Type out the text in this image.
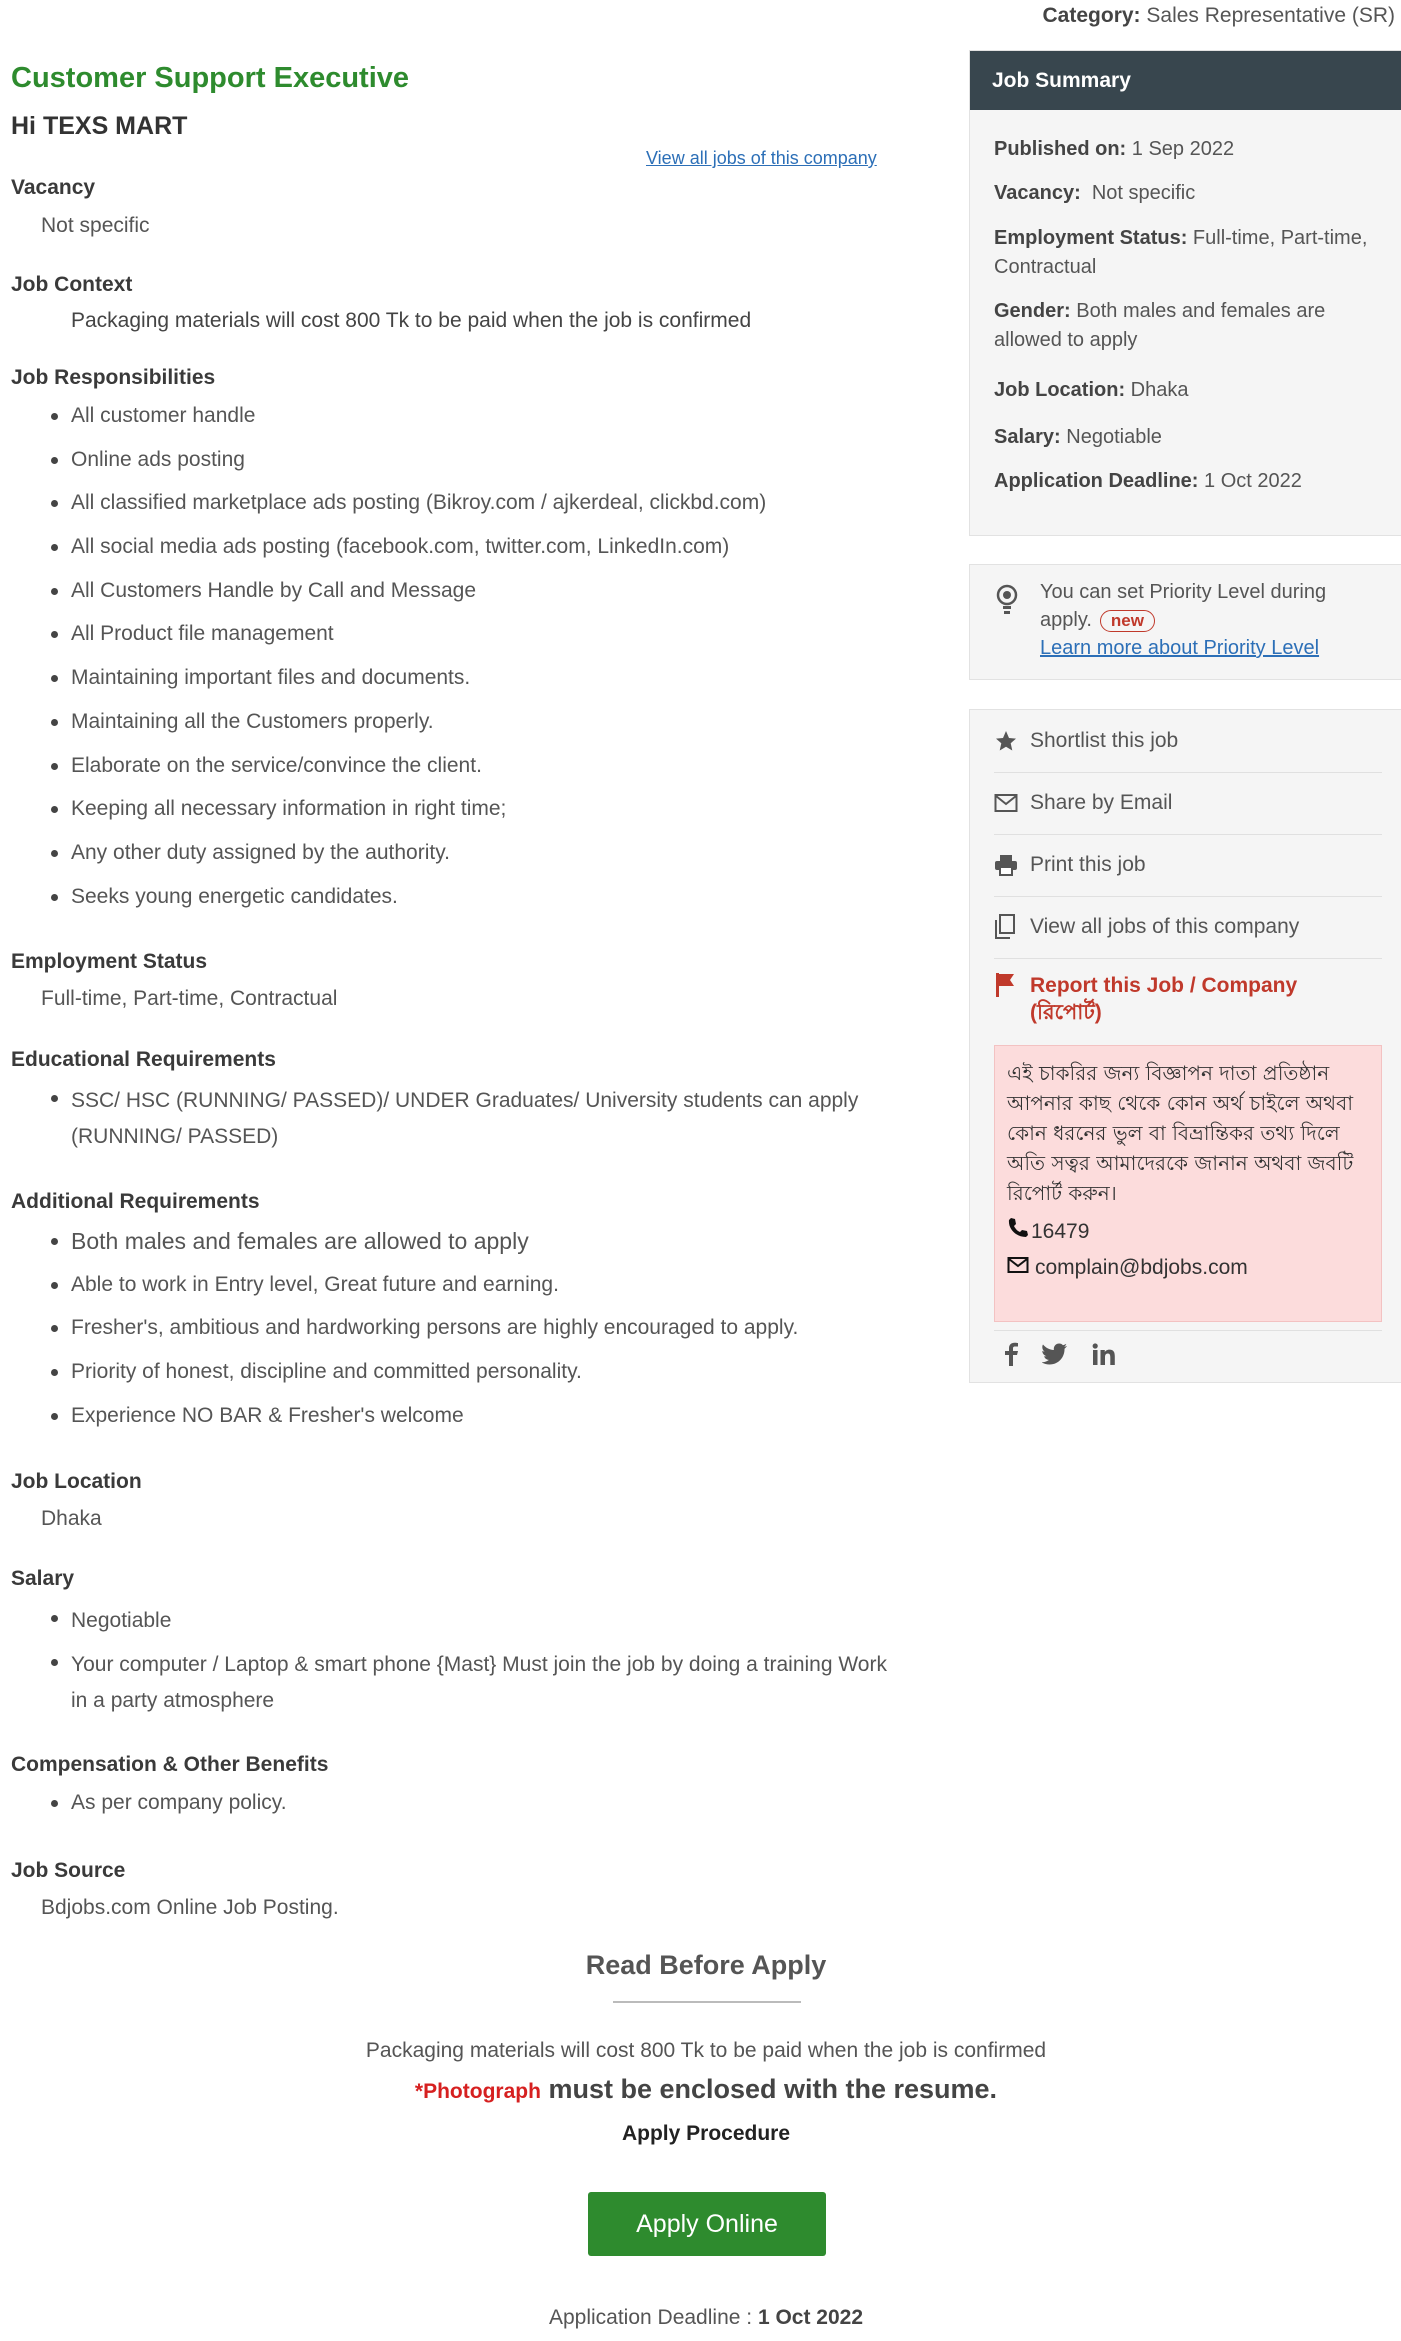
Category: Sales Representative (SR)
Customer Support Executive
Hi TEXS MART
View all jobs of this company
Vacancy
Not specific
Job Context
Packaging materials will cost 800 Tk to be paid when the job is confirmed
Job Responsibilities
All customer handle
Online ads posting
All classified marketplace ads posting (Bikroy.com / ajkerdeal, clickbd.com)
All social media ads posting (facebook.com, twitter.com, LinkedIn.com)
All Customers Handle by Call and Message
All Product file management
Maintaining important files and documents.
Maintaining all the Customers properly.
Elaborate on the service/convince the client.
Keeping all necessary information in right time;
Any other duty assigned by the authority.
Seeks young energetic candidates.
Employment Status
Full-time, Part-time, Contractual
Educational Requirements
SSC/ HSC (RUNNING/ PASSED)/ UNDER Graduates/ University students can apply (RUNNING/ PASSED)
Additional Requirements
Both males and females are allowed to apply
Able to work in Entry level, Great future and earning.
Fresher's, ambitious and hardworking persons are highly encouraged to apply.
Priority of honest, discipline and committed personality.
Experience NO BAR & Fresher's welcome
Job Location
Dhaka
Salary
Negotiable
Your computer / Laptop & smart phone {Mast} Must join the job by doing a training Work in a party atmosphere
Compensation & Other Benefits
As per company policy.
Job Source
Bdjobs.com Online Job Posting.
Read Before Apply
Packaging materials will cost 800 Tk to be paid when the job is confirmed
*Photograph must be enclosed with the resume.
Apply Procedure
Apply Online
Application Deadline : 1 Oct 2022
Job Summary
Published on: 1 Sep 2022
Vacancy: Not specific
Employment Status: Full-time, Part-time, Contractual
Gender: Both males and females are allowed to apply
Job Location: Dhaka
Salary: Negotiable
Application Deadline: 1 Oct 2022
You can set Priority Level during apply. new
Learn more about Priority Level
Shortlist this job
Share by Email
Print this job
View all jobs of this company
Report this Job / Company (রিপোর্ট)
এই চাকরির জন্য বিজ্ঞাপন দাতা প্রতিষ্ঠান আপনার কাছ থেকে কোন অর্থ চাইলে অথবা কোন ধরনের ভুল বা বিভ্রান্তিকর তথ্য দিলে অতি সত্বর আমাদেরকে জানান অথবা জবটি রিপোর্ট করুন।
16479
complain@bdjobs.com
